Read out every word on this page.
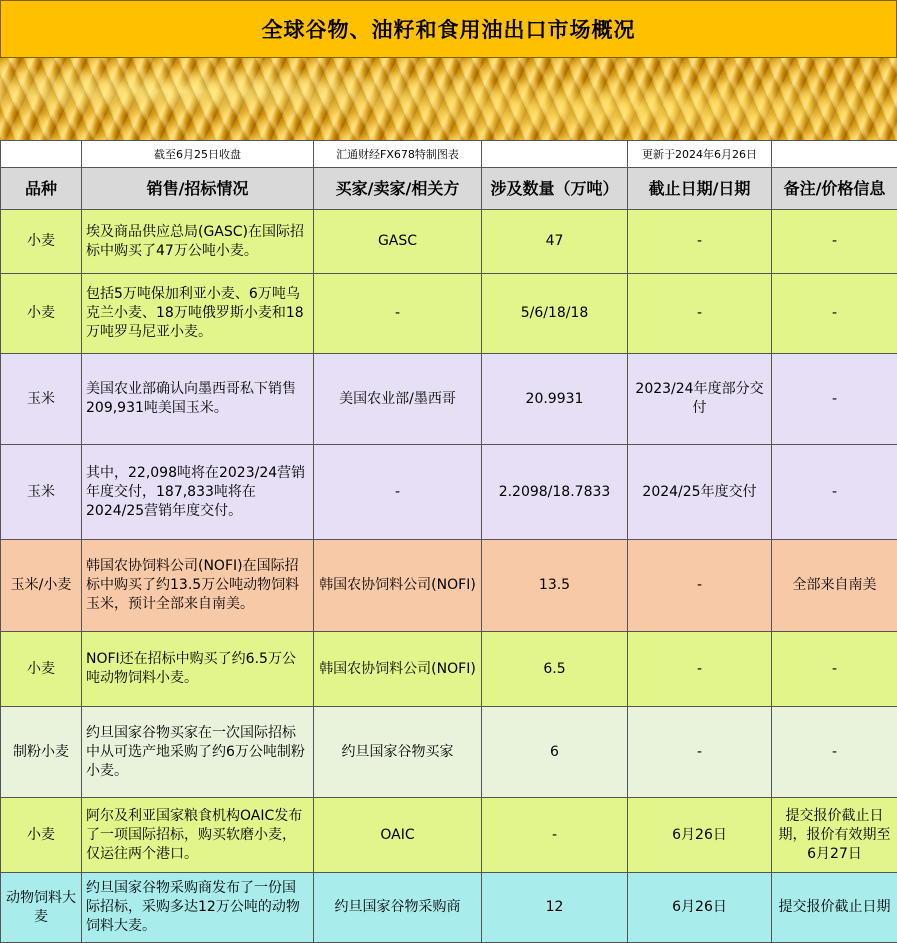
全球谷物、油籽和食用油出口市场概况
	截至6月25日收盘	汇通财经FX678特制图表		更新于2024年6月26日	
品种	销售/招标情况	买家/卖家/相关方	涉及数量（万吨）	截止日期/日期	备注/价格信息
小麦	埃及商品供应总局(GASC)在国际招标中购买了47万公吨小麦。	GASC	47	-	-
小麦	包括5万吨保加利亚小麦、6万吨乌克兰小麦、18万吨俄罗斯小麦和18万吨罗马尼亚小麦。	-	5/6/18/18	-	-
玉米	美国农业部确认向墨西哥私下销售209,931吨美国玉米。	美国农业部/墨西哥	20.9931	2023/24年度部分交付	-
玉米	其中，22,098吨将在2023/24营销年度交付，187,833吨将在2024/25营销年度交付。	-	2.2098/18.7833	2024/25年度交付	-
玉米/小麦	韩国农协饲料公司(NOFI)在国际招标中购买了约13.5万公吨动物饲料玉米，预计全部来自南美。	韩国农协饲料公司(NOFI)	13.5	-	全部来自南美
小麦	NOFI还在招标中购买了约6.5万公吨动物饲料小麦。	韩国农协饲料公司(NOFI)	6.5	-	-
制粉小麦	约旦国家谷物买家在一次国际招标中从可选产地采购了约6万公吨制粉小麦。	约旦国家谷物买家	6	-	-
小麦	阿尔及利亚国家粮食机构OAIC发布了一项国际招标，购买软磨小麦，仅运往两个港口。	OAIC	-	6月26日	提交报价截止日期，报价有效期至6月27日
动物饲料大麦	约旦国家谷物采购商发布了一份国际招标，采购多达12万公吨的动物饲料大麦。	约旦国家谷物采购商	12	6月26日	提交报价截止日期
